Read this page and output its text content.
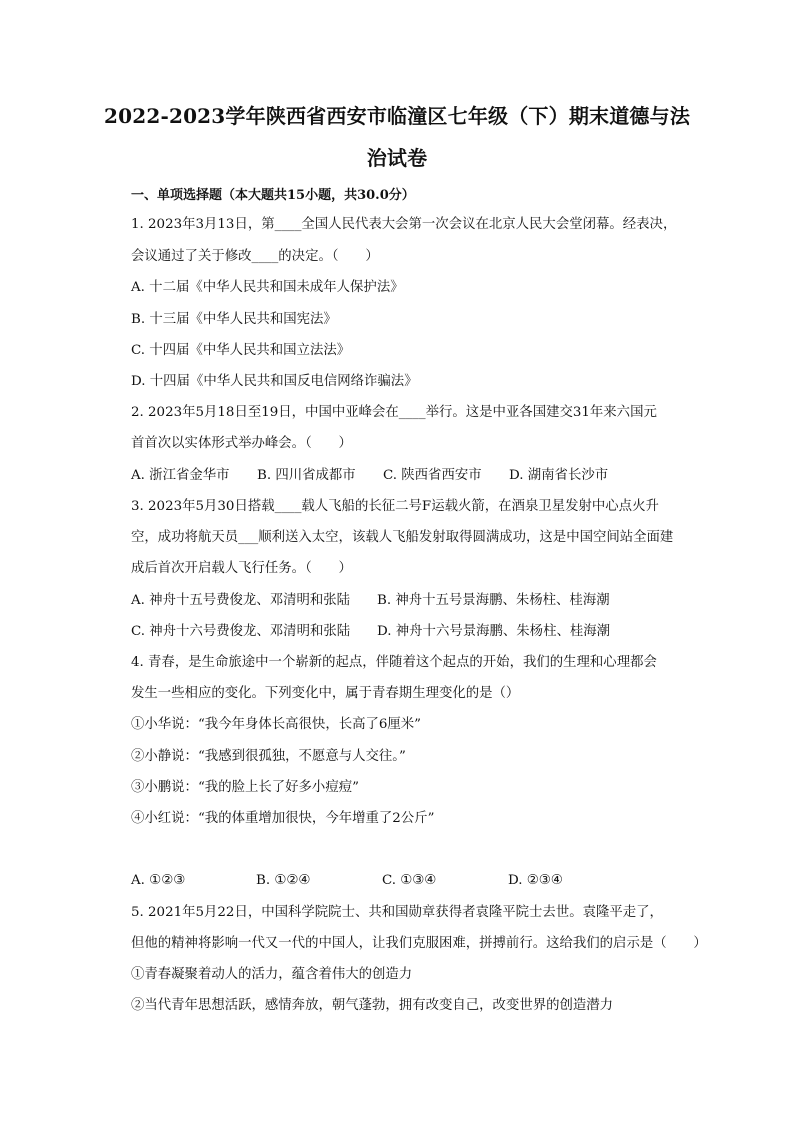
2022-2023学年陕西省西安市临潼区七年级（下）期末道德与法
治试卷
一、单项选择题（本大题共15小题，共30.0分）
1. 2023年3月13日，第____全国人民代表大会第一次会议在北京人民大会堂闭幕。经表决，
会议通过了关于修改____的决定。（　　）
A. 十二届《中华人民共和国未成年人保护法》
B. 十三届《中华人民共和国宪法》
C. 十四届《中华人民共和国立法法》
D. 十四届《中华人民共和国反电信网络诈骗法》
2. 2023年5月18日至19日，中国中亚峰会在____举行。这是中亚各国建交31年来六国元
首首次以实体形式举办峰会。（　　）
A. 浙江省金华市 B. 四川省成都市 C. 陕西省西安市 D. 湖南省长沙市
3. 2023年5月30日搭载____载人飞船的长征二号F运载火箭，在酒泉卫星发射中心点火升
空，成功将航天员___顺利送入太空，该载人飞船发射取得圆满成功，这是中国空间站全面建
成后首次开启载人飞行任务。（　　）
A. 神舟十五号费俊龙、邓清明和张陆 B. 神舟十五号景海鹏、朱杨柱、桂海潮
C. 神舟十六号费俊龙、邓清明和张陆 D. 神舟十六号景海鹏、朱杨柱、桂海潮
4. 青春，是生命旅途中一个崭新的起点，伴随着这个起点的开始，我们的生理和心理都会
发生一些相应的变化。下列变化中，属于青春期生理变化的是（）
①小华说：“我今年身体长高很快，长高了6厘米”
②小静说：“我感到很孤独，不愿意与人交往。”
③小鹏说：“我的脸上长了好多小痘痘”
④小红说：“我的体重增加很快，今年增重了2公斤”
A. ①②③	B. ①②④	C. ①③④	D. ②③④
5. 2021年5月22日，中国科学院院士、共和国勋章获得者袁隆平院士去世。袁隆平走了，
但他的精神将影响一代又一代的中国人，让我们克服困难，拼搏前行。这给我们的启示是（　　）
①青春凝聚着动人的活力，蕴含着伟大的创造力
②当代青年思想活跃，感情奔放，朝气蓬勃，拥有改变自己，改变世界的创造潜力
